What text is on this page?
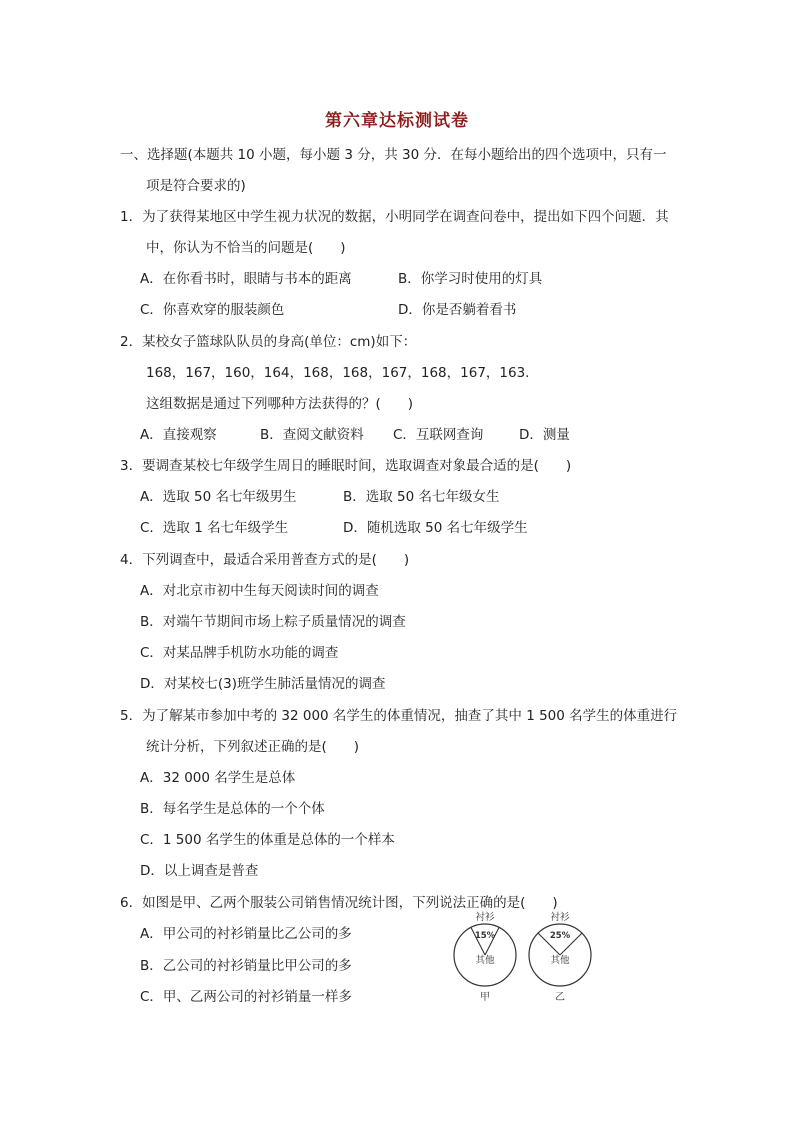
第六章达标测试卷
一、选择题(本题共 10 小题，每小题 3 分，共 30 分．在每小题给出的四个选项中，只有一
项是符合要求的)
1．为了获得某地区中学生视力状况的数据，小明同学在调查问卷中，提出如下四个问题．其
中，你认为不恰当的问题是(　　)
A．在你看书时，眼睛与书本的距离	B．你学习时使用的灯具
C．你喜欢穿的服装颜色	D．你是否躺着看书
2．某校女子篮球队队员的身高(单位：cm)如下：
168，167，160，164，168，168，167，168，167，163.
这组数据是通过下列哪种方法获得的？(　　)
A．直接观察	B．查阅文献资料 C．互联网查询	D．测量
3．要调查某校七年级学生周日的睡眠时间，选取调查对象最合适的是(　　)
A．选取 50 名七年级男生	B．选取 50 名七年级女生
C．选取 1 名七年级学生	D．随机选取 50 名七年级学生
4．下列调查中，最适合采用普查方式的是(　　)
A．对北京市初中生每天阅读时间的调查
B．对端午节期间市场上粽子质量情况的调查
C．对某品牌手机防水功能的调查
D．对某校七(3)班学生肺活量情况的调查
5．为了解某市参加中考的 32 000 名学生的体重情况，抽查了其中 1 500 名学生的体重进行
统计分析，下列叙述正确的是(　　)
A．32 000 名学生是总体
B．每名学生是总体的一个个体
C．1 500 名学生的体重是总体的一个样本
D．以上调查是普查
6．如图是甲、乙两个服装公司销售情况统计图，下列说法正确的是(　　)
A．甲公司的衬衫销量比乙公司的多
B．乙公司的衬衫销量比甲公司的多
C．甲、乙两公司的衬衫销量一样多
衬衫
15%
其他
甲
衬衫
25%
其他
乙
